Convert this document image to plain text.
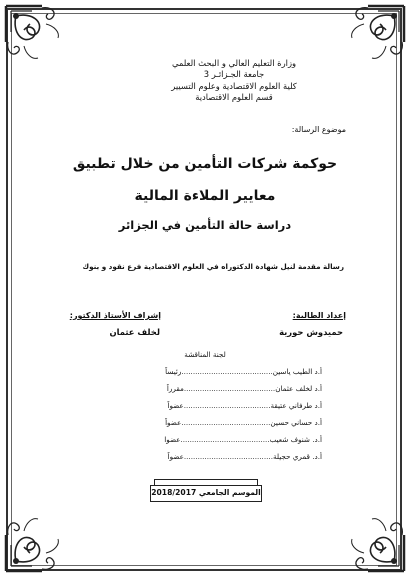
وزارة التعليم العالي و البحث العلمي
جامعة الجـزائـر 3
كلية العلوم الاقتصادية وعلوم التسيير
قسم العلوم الاقتصادية
موضوع الرسالة:
حوكمة شركات التأمين من خلال تطبيق
معايير الملاءة المالية
دراسة حالة التأمين في الجزائر
رسالة مقدمة لنيل شهادة الدكتوراه في العلوم الاقتصادية فرع نقود و بنوك
إعداد الطالبة:
حميدوش حورية
إشراف الأستاذ الدكتور:
لخلف عثمان
لجنة المناقشة
أ.د الطيب ياسين........................................رئيساً
أ.د لخلف عثمان........................................مقرراً
أ.د طرفاني عتيقة......................................عضواً
أ.د حساني حسين.......................................عضواً
أ.د. شنوف شعيب.......................................عضوا
أ.د. قمري حجيلة.......................................عضواً
الموسم الجامعي 2018/2017
